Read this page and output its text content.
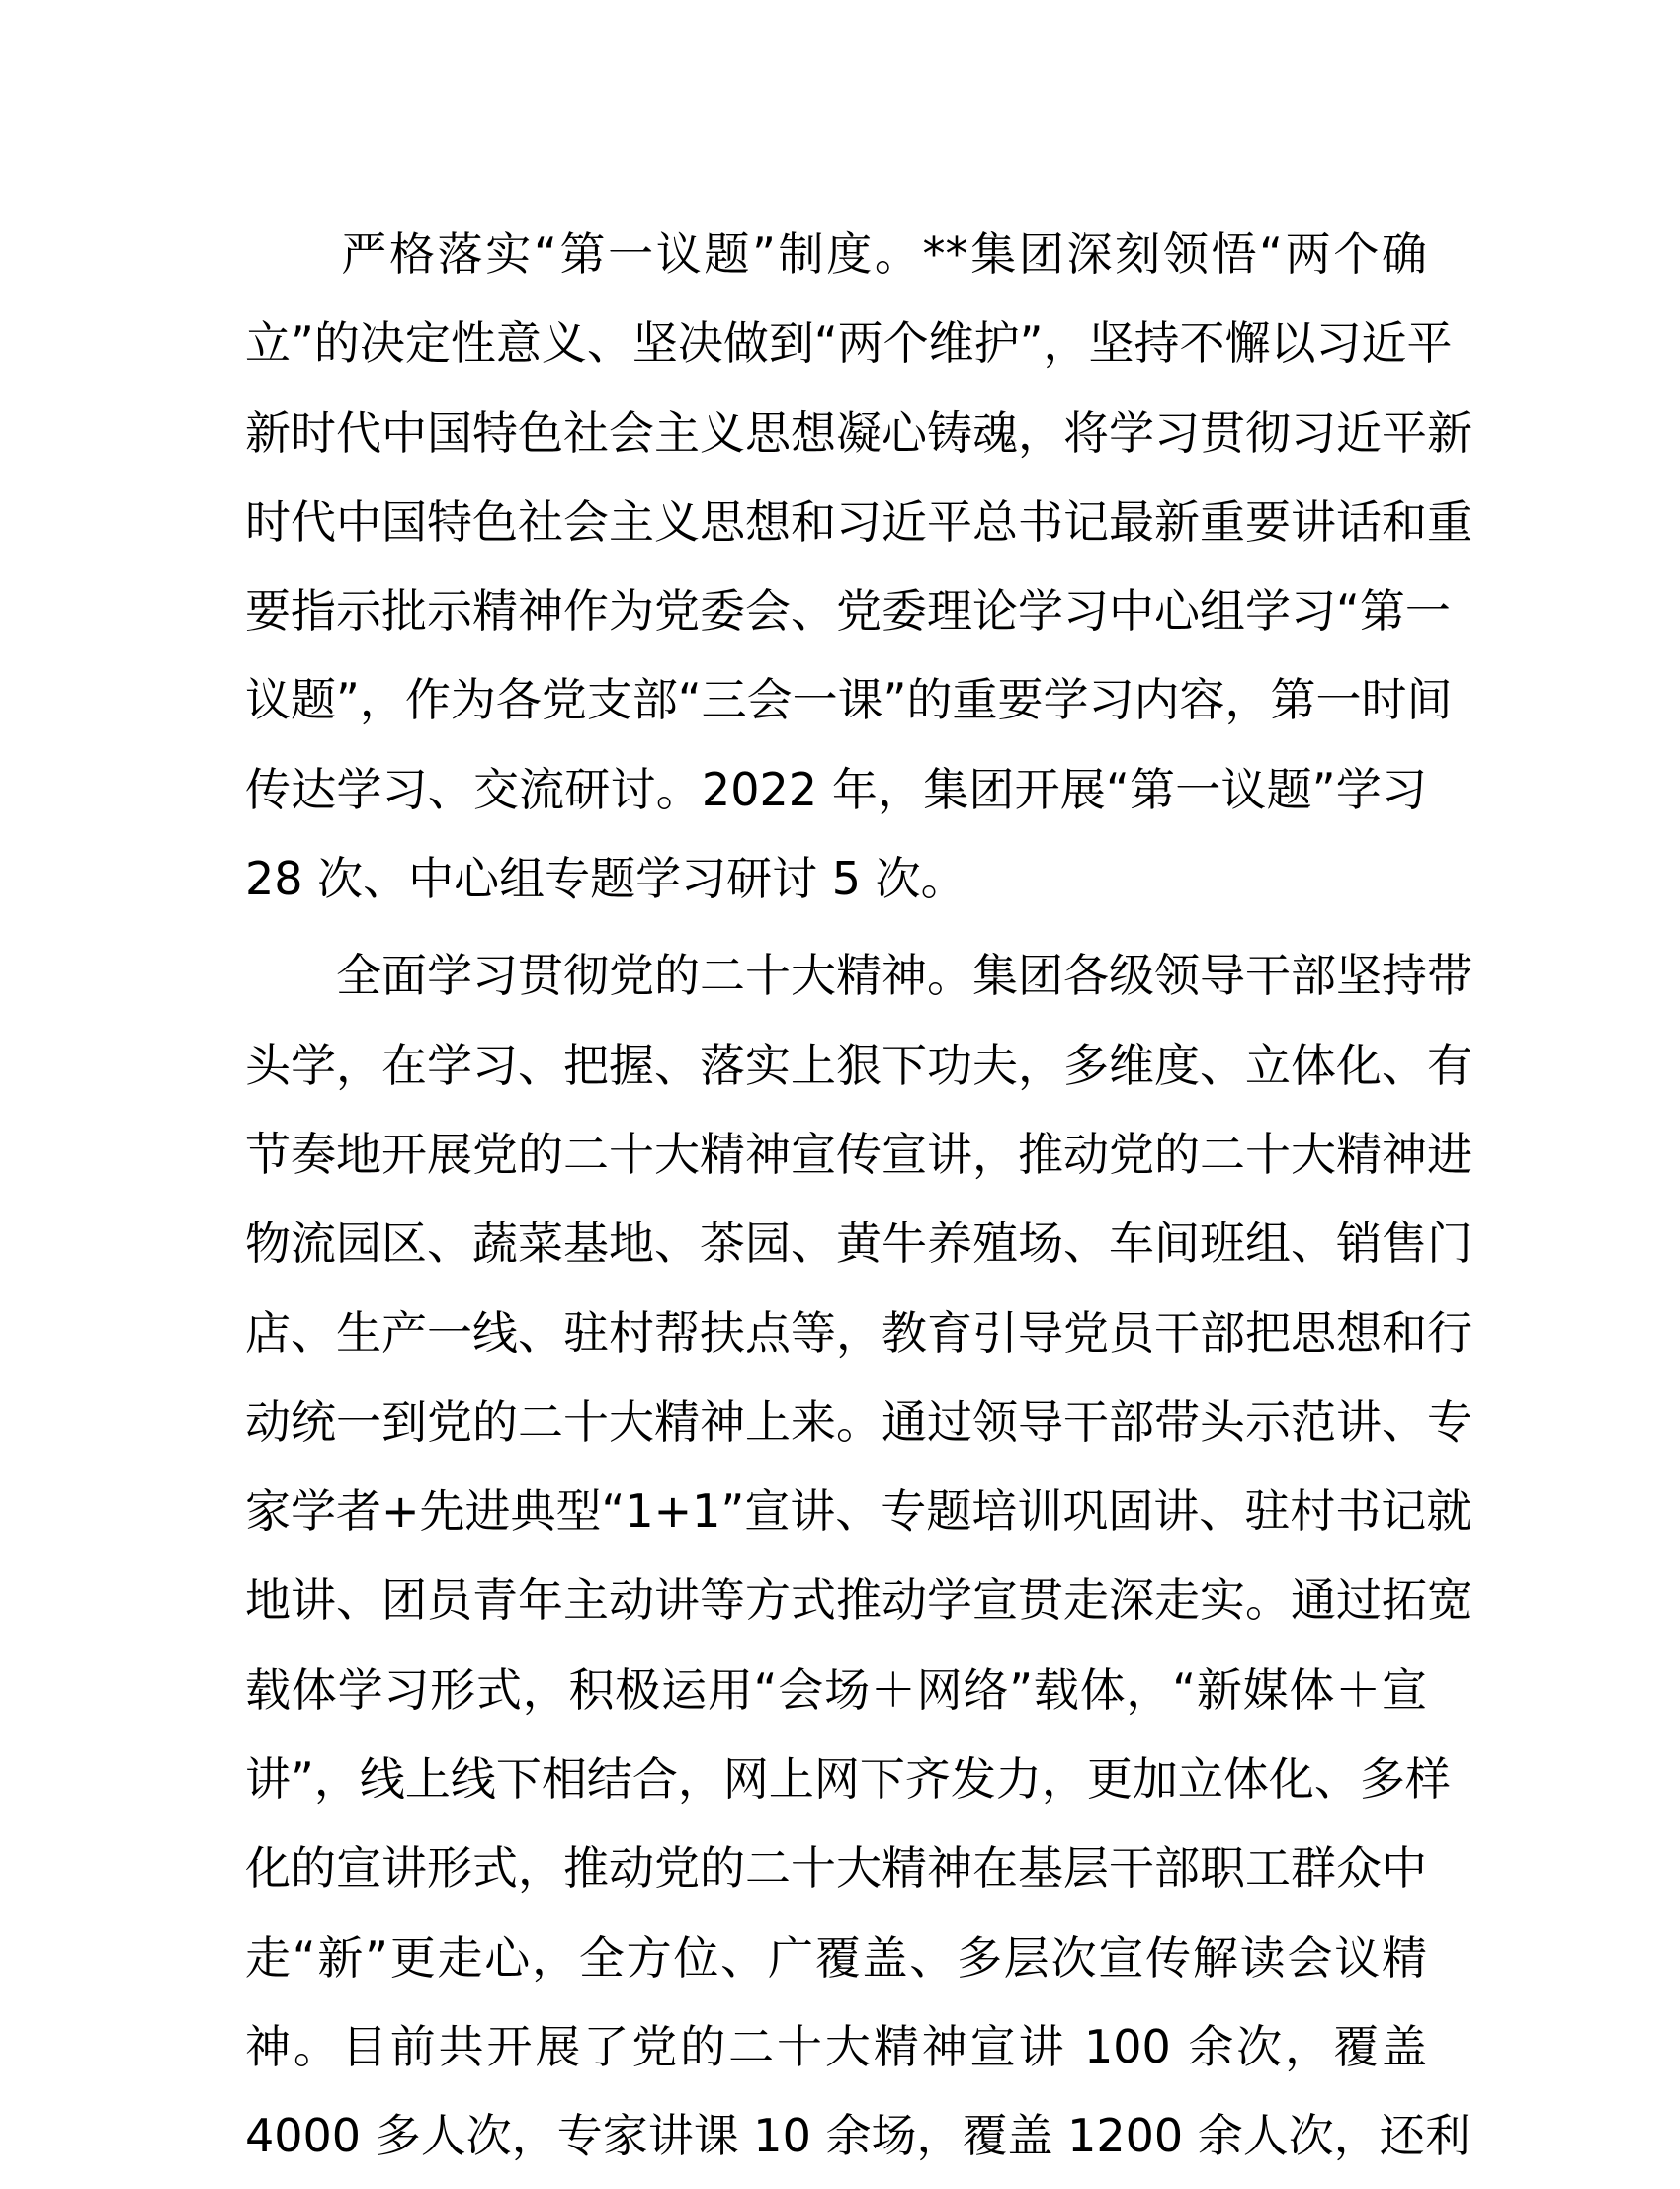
　　严格落实“第一议题”制度。**集团深刻领悟“两个确
立”的决定性意义、坚决做到“两个维护”，坚持不懈以习近平
新时代中国特色社会主义思想凝心铸魂，将学习贯彻习近平新
时代中国特色社会主义思想和习近平总书记最新重要讲话和重
要指示批示精神作为党委会、党委理论学习中心组学习“第一
议题”，作为各党支部“三会一课”的重要学习内容，第一时间
传达学习、交流研讨。2022 年，集团开展“第一议题”学习
28 次、中心组专题学习研讨 5 次。
　　全面学习贯彻党的二十大精神。集团各级领导干部坚持带
头学，在学习、把握、落实上狠下功夫，多维度、立体化、有
节奏地开展党的二十大精神宣传宣讲，推动党的二十大精神进
物流园区、蔬菜基地、茶园、黄牛养殖场、车间班组、销售门
店、生产一线、驻村帮扶点等，教育引导党员干部把思想和行
动统一到党的二十大精神上来。通过领导干部带头示范讲、专
家学者+先进典型“1+1”宣讲、专题培训巩固讲、驻村书记就
地讲、团员青年主动讲等方式推动学宣贯走深走实。通过拓宽
载体学习形式，积极运用“会场＋网络”载体，“新媒体＋宣
讲”，线上线下相结合，网上网下齐发力，更加立体化、多样
化的宣讲形式，推动党的二十大精神在基层干部职工群众中
走“新”更走心，全方位、广覆盖、多层次宣传解读会议精
神。目前共开展了党的二十大精神宣讲 100 余次，覆盖
4000 多人次，专家讲课 10 余场，覆盖 1200 余人次，还利
